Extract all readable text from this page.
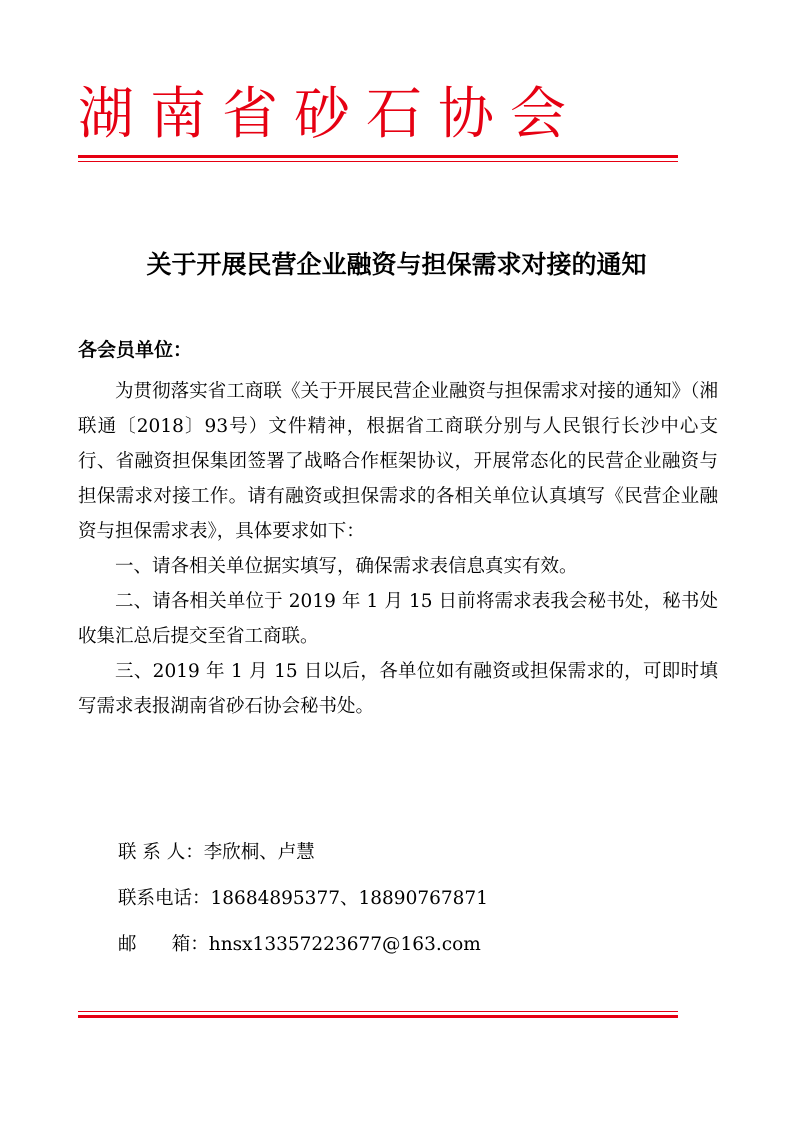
湖南省砂石协会
关于开展民营企业融资与担保需求对接的通知
各会员单位：

为贯彻落实省工商联《关于开展民营企业融资与担保需求对接的通知》（湘联通〔2018〕93号）文件精神，根据省工商联分别与人民银行长沙中心支行、省融资担保集团签署了战略合作框架协议，开展常态化的民营企业融资与担保需求对接工作。请有融资或担保需求的各相关单位认真填写《民营企业融资与担保需求表》，具体要求如下：

一、请各相关单位据实填写，确保需求表信息真实有效。

二、请各相关单位于 2019 年 1 月 15 日前将需求表我会秘书处，秘书处收集汇总后提交至省工商联。

三、2019 年 1 月 15 日以后，各单位如有融资或担保需求的，可即时填写需求表报湖南省砂石协会秘书处。

联 系 人：李欣桐、卢慧
联系电话：18684895377、18890767871
邮      箱：hnsx13357223677@163.com
